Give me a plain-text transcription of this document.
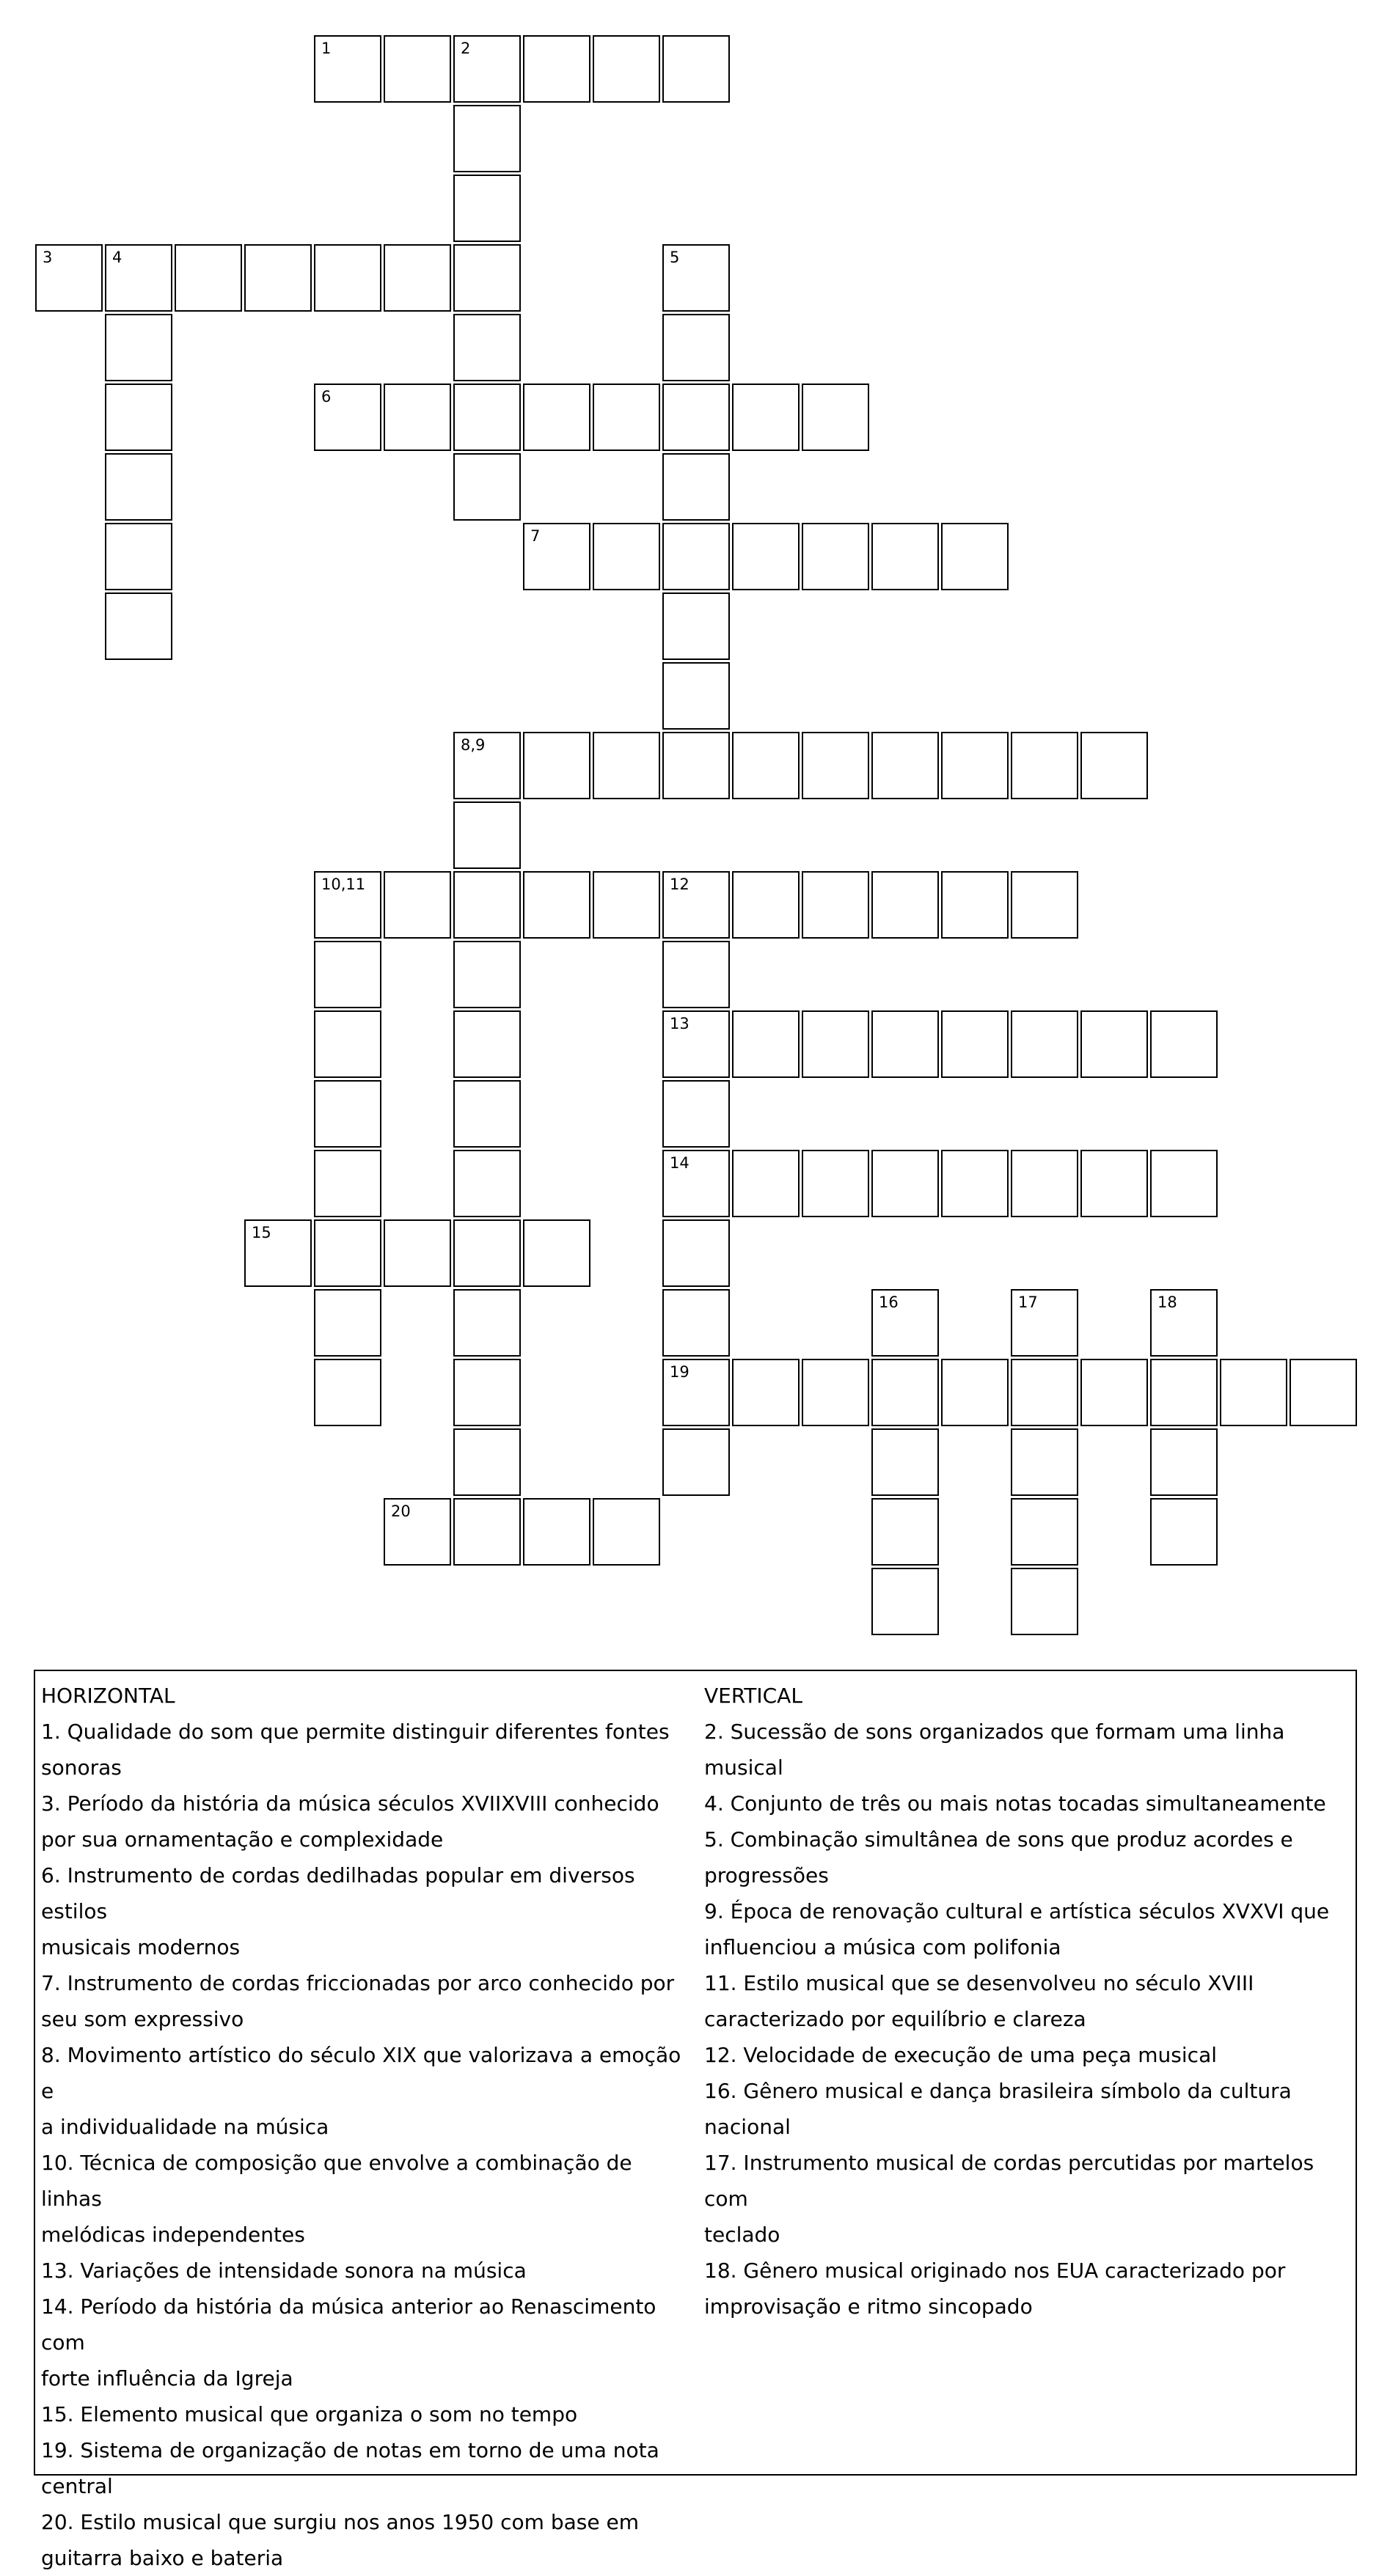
1	2
3	4	5
6
7
8,9
10,11	12
13
14
19
15
16	17	18
20
HORIZONTAL
1. Qualidade do som que permite distinguir diferentes fontes
sonoras
3. Período da história da música séculos XVIIXVIII conhecido
por sua ornamentação e complexidade
6. Instrumento de cordas dedilhadas popular em diversos estilos
musicais modernos
7. Instrumento de cordas friccionadas por arco conhecido por
seu som expressivo
8. Movimento artístico do século XIX que valorizava a emoção e
a individualidade na música
10. Técnica de composição que envolve a combinação de linhas
melódicas independentes
13. Variações de intensidade sonora na música
14. Período da história da música anterior ao Renascimento com
forte influência da Igreja
15. Elemento musical que organiza o som no tempo
19. Sistema de organização de notas em torno de uma nota
central
20. Estilo musical que surgiu nos anos 1950 com base em
guitarra baixo e bateria
VERTICAL
2. Sucessão de sons organizados que formam uma linha musical
4. Conjunto de três ou mais notas tocadas simultaneamente
5. Combinação simultânea de sons que produz acordes e
progressões
9. Época de renovação cultural e artística séculos XVXVI que
influenciou a música com polifonia
11. Estilo musical que se desenvolveu no século XVIII
caracterizado por equilíbrio e clareza
12. Velocidade de execução de uma peça musical
16. Gênero musical e dança brasileira símbolo da cultura
nacional
17. Instrumento musical de cordas percutidas por martelos com
teclado
18. Gênero musical originado nos EUA caracterizado por
improvisação e ritmo sincopado
